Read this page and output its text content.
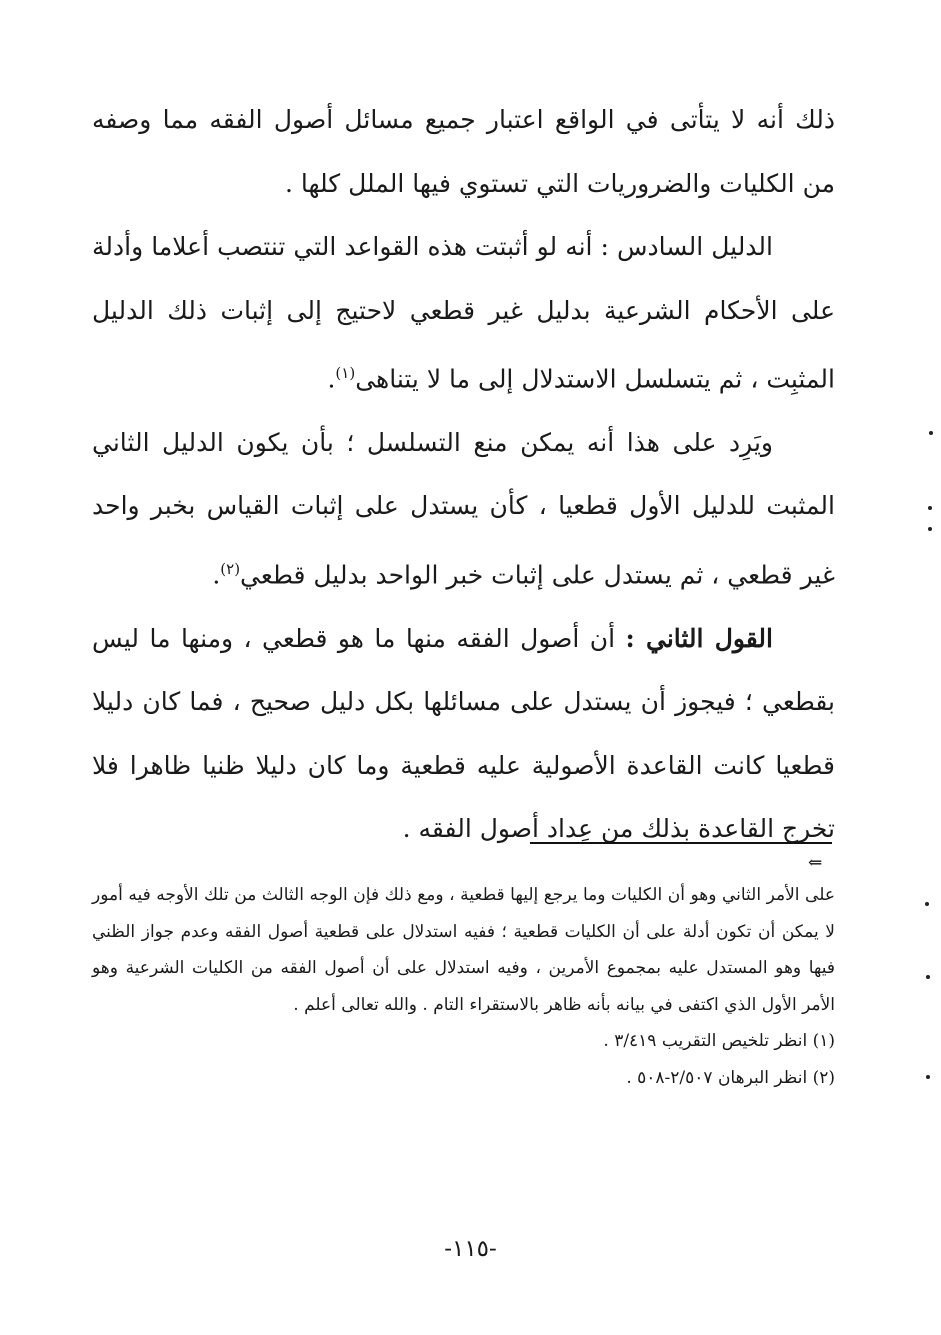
ذلك أنه لا يتأتى في الواقع اعتبار جميع مسائل أصول الفقه مما وصفه من الكليات والضروريات التي تستوي فيها الملل كلها .

الدليل السادس : أنه لو أثبتت هذه القواعد التي تنتصب أعلاما وأدلة على الأحكام الشرعية بدليل غير قطعي لاحتيج إلى إثبات ذلك الدليل المثبِت ، ثم يتسلسل الاستدلال إلى ما لا يتناهى$^{(١)}$.

ويَرِد على هذا أنه يمكن منع التسلسل ؛ بأن يكون الدليل الثاني المثبت للدليل الأول قطعيا ، كأن يستدل على إثبات القياس بخبر واحد غير قطعي ، ثم يستدل على إثبات خبر الواحد بدليل قطعي$^{(٢)}$.

القول الثاني : أن أصول الفقه منها ما هو قطعي ، ومنها ما ليس بقطعي ؛ فيجوز أن يستدل على مسائلها بكل دليل صحيح ، فما كان دليلا قطعيا كانت القاعدة الأصولية عليه قطعية وما كان دليلا ظنيا ظاهرا فلا تخرج القاعدة بذلك من عِداد أصول الفقه .

⇐

على الأمر الثاني وهو أن الكليات وما يرجع إليها قطعية ، ومع ذلك فإن الوجه الثالث من تلك الأوجه فيه أمور لا يمكن أن تكون أدلة على أن الكليات قطعية ؛ ففيه استدلال على قطعية أصول الفقه وعدم جواز الظني فيها وهو المستدل عليه بمجموع الأمرين ، وفيه استدلال على أن أصول الفقه من الكليات الشرعية وهو الأمر الأول الذي اكتفى في بيانه بأنه ظاهر بالاستقراء التام . والله تعالى أعلم .

(١) انظر تلخيص التقريب ٣/٤١٩ .

(٢) انظر البرهان ٢/٥٠٧-٥٠٨ .

-١١٥-
